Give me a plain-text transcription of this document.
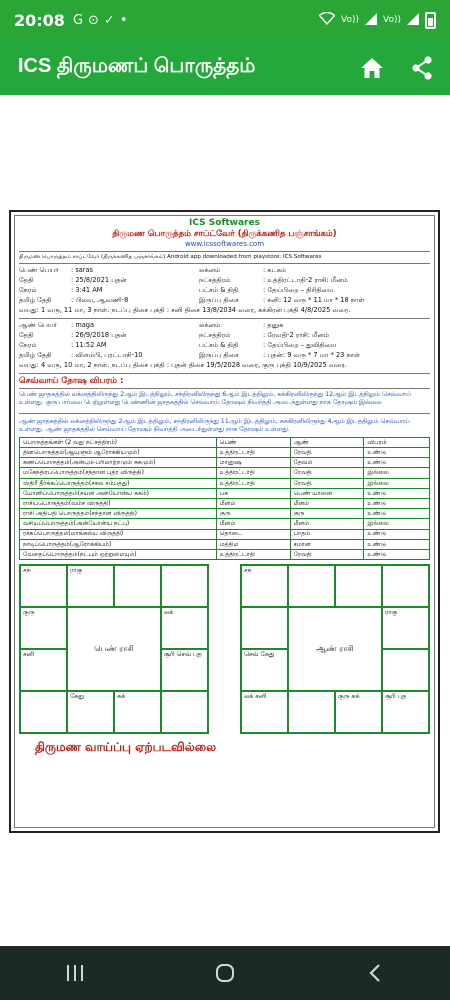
20:08 G ⊙ ✓ •	Vo))	Vo))
ICS திருமணப் பொருத்தம்
ICS Softwares
திருமண பொருத்தம் சாப்ட்வேர் (திருக்கணித பஞ்சாங்கம்)
www.icssoftwares.com
திருமண பொருத்தம் சாப்ட்வேர் (திருக்கணித பஞ்சாங்கம்) Android app downloaded from playstore: ICS Softwares
பெண் பெயர்	: saras	லக்னம்	: கடகம்
தேதி	: 25/8/2021 புதன்	நட்சத்திரம்	: உத்திரட்டாதி-2 ராசி: மீனம்
நேரம்	: 3:41 AM	பட்சம் & திதி	: தேய்பிறை – திரிதியை
தமிழ் தேதி	: பிலவ, ஆவணி-8	இருப்பு திசை	: சனி: 12 வரு * 11 மா * 18 நாள்
வயது: 1 வரு, 11 மா, 3 நாள். நடப்பு திசை புக்தி : சனி திசை 13/8/2034 வரை, சுக்கிரன் புக்தி 4/8/2025 வரை.
ஆண் பெயர்	: maga	லக்னம்	: தனுசு
தேதி	: 26/9/2018 புதன்	நட்சத்திரம்	: ரேவதி-2 ராசி: மீனம்
நேரம்	: 11:52 AM	பட்சம் & திதி	: தேய்பிறை – துவிதியை
தமிழ் தேதி	: விளம்பி, புரட்டாசி-10	இருப்பு திசை	: புதன்: 9 வரு * 7 மா * 23 நாள்
வயது: 4 வரு, 10 மா, 2 நாள். நடப்பு திசை புக்தி : புதன் திசை 19/5/2028 வரை, குரு புக்தி 10/9/2025 வரை.
செவ்வாய் தோஷ விபரம் :
பெண் ஜாதகத்தில் லக்னத்திலிருந்து 2ஆம் இடத்திலும், சந்திரனிலிருந்து 6ஆம் இடத்திலும், சுக்கிரனிலிருந்து 12ஆம் இடத்திலும் செவ்வாய் உள்ளது. குரு பார்வை பெற்றுள்ளது பெண்ணின் ஜாதகத்தில் செவ்வாய் தோஷம் நிவர்த்தி அடைந்துள்ளது நாக தோஷம் இல்லை
ஆண் ஜாதகத்தில் லக்னத்திலிருந்து 2ஆம் இடத்திலும், சந்திரனிலிருந்து 11ஆம் இடத்திலும், சுக்கிரனிலிருந்து 4ஆம் இடத்திலும் செவ்வாய் உள்ளது. ஆண் ஜாதகத்தில் செவ்வாய் தோஷம் நிவர்த்தி அடைந்துள்ளது நாக தோஷம் உள்ளது.
பொருத்தங்கள் (2 வது நட்சத்திரம்)	பெண்	ஆண்	விபரம்
தினபொருத்தம்(ஆயுளும் ஆரோக்கியமும்)	உத்திரட்டாதி	ரேவதி	உண்டு
கணப்பொருத்தம்(அன்பும்-பரிமாற்றமும் சுகமும்)	மானுஷ	தேவம்	உண்டு
மகேந்திரப்பொருத்தம்(சந்தான புத்ர விருத்தி)	உத்திரட்டாதி	ரேவதி	இல்லை
ஸ்திரீ தீர்க்கப்பொருத்தம்(சகல சம்பத்து)	உத்திரட்டாதி	ரேவதி	இல்லை
யோனிப்பொருத்தம்(சயன அன்யோன்ய சுகம்)	பசு	பெண் யானை	உண்டு
ராசிப்பொருத்தம்(வம்ச விருத்தி)	மீனம்	மீனம்	உண்டு
ராசி அதிபதி பொருத்தம்(சந்தான விருத்தி)	குரு	குரு	உண்டு
வசியப்பொருத்தம்(அன்யோன்ய நட்பு)	மீனம்	மீனம்	இல்லை
ரச்சுப்பொருத்தம்(மாங்கல்ய விருத்தி)	தொடை	பாதம்	உண்டு
நாடிப்பொருத்தம்(ஆரோக்கியம்)	மத்திம	சமான	உண்டு
வேதைப்பொருத்தம்(நட்பும் ஒற்றுமையும்)	உத்திரட்டாதி	ரேவதி	உண்டு
சந்	ராகு
குரு	லக்
சனி	சூரி செவ் புத
கேது	சுக்
பெண் ராசி
சந்
ராகு
செவ் கேது
லக் சனி	குரு சுக்	சூரி புத
ஆண் ராசி
திருமண வாய்ப்பு ஏற்படவில்லை
